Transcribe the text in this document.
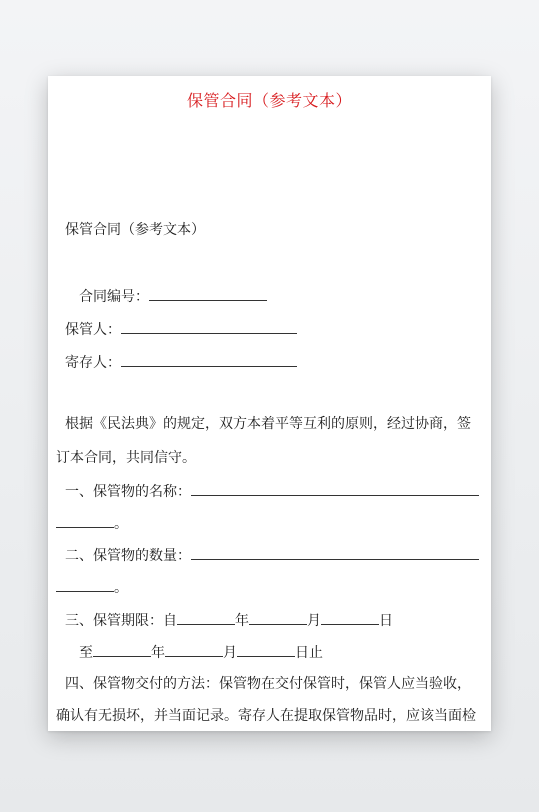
保管合同（参考文本）
保管合同（参考文本）
合同编号：
保管人：
寄存人：
根据《民法典》的规定，双方本着平等互利的原则，经过协商，签
订本合同，共同信守。
一、保管物的名称：
。
二、保管物的数量：
。
三、保管期限：自	年	月	日
至	年	月	日止
四、保管物交付的方法：保管物在交付保管时，保管人应当验收，
确认有无损坏，并当面记录。寄存人在提取保管物品时，应该当面检
